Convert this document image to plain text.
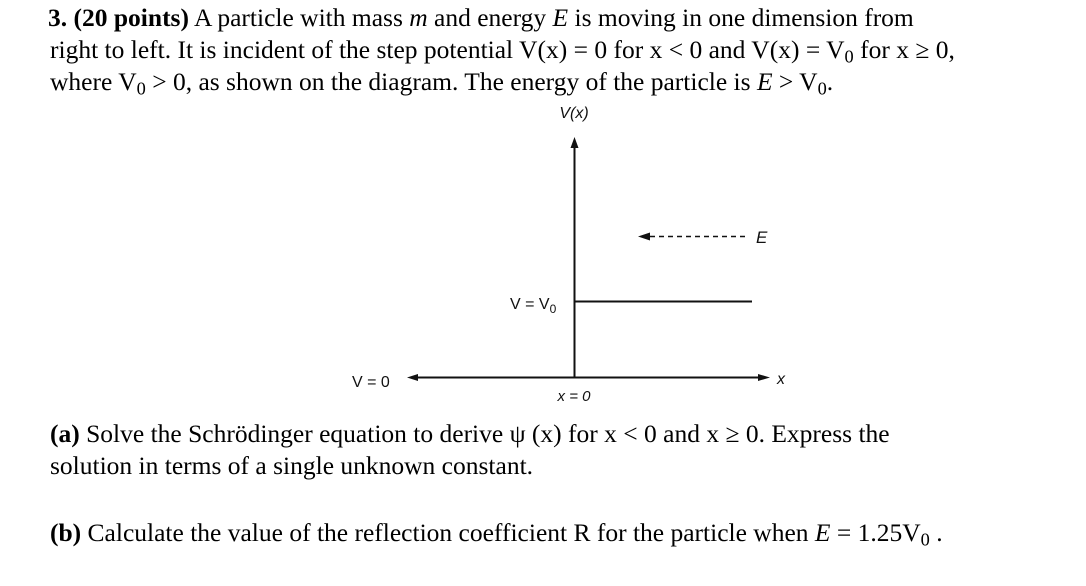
3. (20 points) A particle with mass m and energy E is moving in one dimension from
right to left. It is incident of the step potential V(x) = 0 for x < 0 and $V(x) = V_0$ for x ≥ 0,
where $V_0 > 0$, as shown on the diagram. The energy of the particle is $E > V_0$.
V(x)
x
x = 0
V = 0
$V = V_0$
E
(a) Solve the Schrödinger equation to derive ψ (x) for x < 0 and x ≥ 0. Express the
solution in terms of a single unknown constant.
(b) Calculate the value of the reflection coefficient R for the particle when $E = 1.25V_0$ .
